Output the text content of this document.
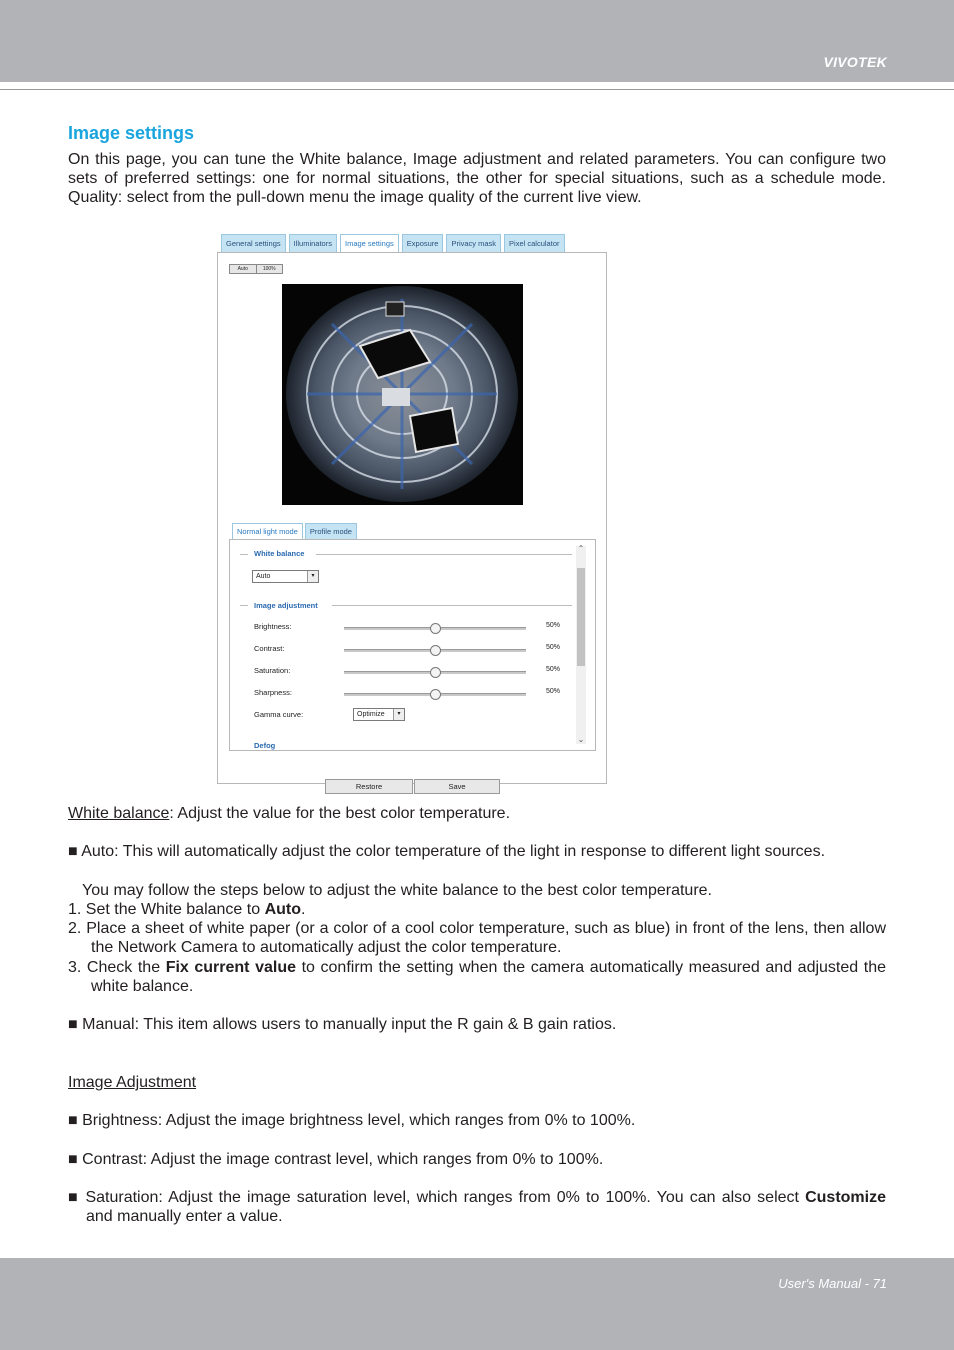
VIVOTEK
Image settings
On this page, you can tune the White balance, Image adjustment and related parameters. You can configure two sets of preferred settings: one for normal situations, the other for special situations, such as a schedule mode. Quality: select from the pull-down menu the image quality of the current live view.
General settings	Illuminators	Image settings	Exposure	Privacy mask	Pixel calculator
Auto	100%
Normal light mode	Profile mode
White balance
Auto	▾
Image adjustment
Brightness:	50%
Contrast:	50%
Saturation:	50%
Sharpness:	50%
Gamma curve:	Optimize	▾
Defog
⌃
⌄
Restore	Save
White balance: Adjust the value for the best color temperature.
■ Auto: This will automatically adjust the color temperature of the light in response to different light sources.
You may follow the steps below to adjust the white balance to the best color temperature.
1. Set the White balance to Auto.
2. Place a sheet of white paper (or a color of a cool color temperature, such as blue) in front of the lens, then allow the Network Camera to automatically adjust the color temperature.
3. Check the Fix current value to confirm the setting when the camera automatically measured and adjusted the white balance.
■ Manual: This item allows users to manually input the R gain & B gain ratios.
Image Adjustment
■ Brightness: Adjust the image brightness level, which ranges from 0% to 100%.
■ Contrast: Adjust the image contrast level, which ranges from 0% to 100%.
■ Saturation: Adjust the image saturation level, which ranges from 0% to 100%. You can also select Customize and manually enter a value.
User's Manual - 71
